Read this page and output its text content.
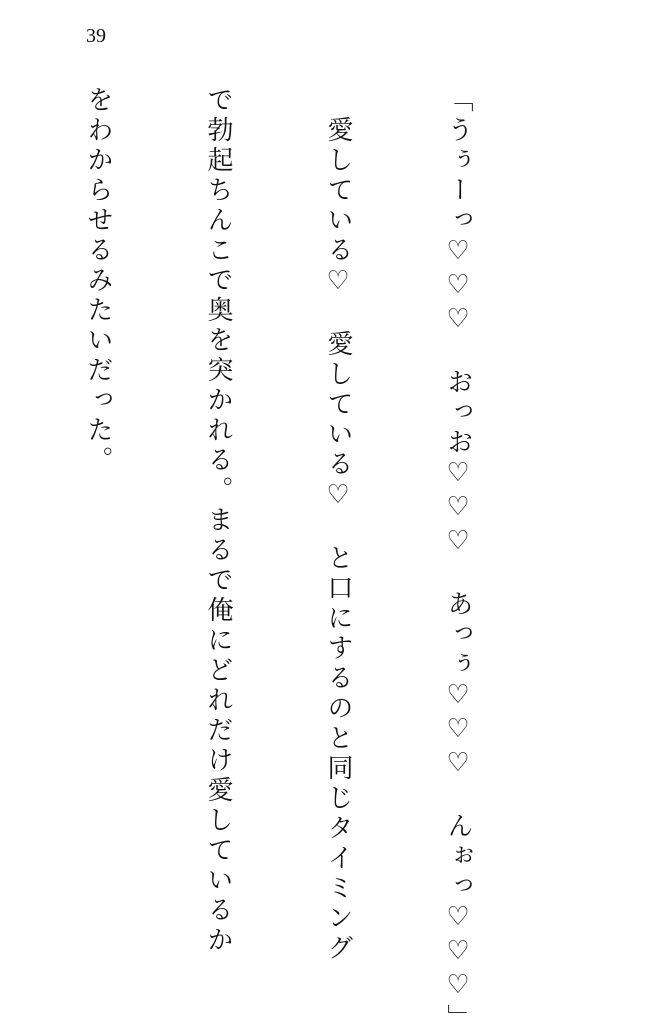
39

「うぅーっ♡♡♡　おっお♡♡♡　あっぅ♡♡♡　んぉっ♡♡♡」

　愛している♡　愛している♡　と口にするのと同じタイミング

で勃起ちんこで奥を突かれる。まるで俺にどれだけ愛しているか

をわからせるみたいだった。
